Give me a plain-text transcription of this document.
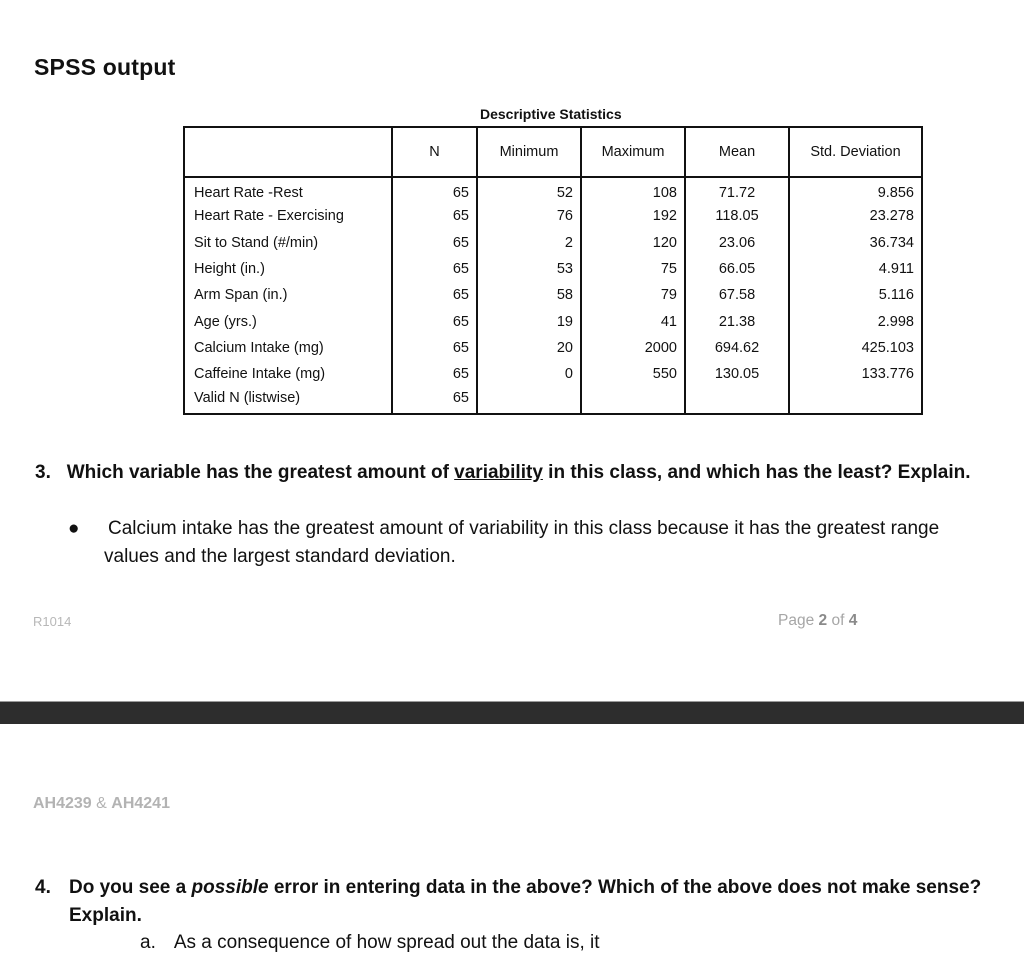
SPSS output
Descriptive Statistics
	N	Minimum	Maximum	Mean	Std. Deviation
Heart Rate -Rest	65	52	108	71.72	9.856
Heart Rate - Exercising	65	76	192	118.05	23.278
Sit to Stand (#/min)	65	2	120	23.06	36.734
Height (in.)	65	53	75	66.05	4.911
Arm Span (in.)	65	58	79	67.58	5.116
Age (yrs.)	65	19	41	21.38	2.998
Calcium Intake (mg)	65	20	2000	694.62	425.103
Caffeine Intake (mg)	65	0	550	130.05	133.776
Valid N (listwise)	65				
3. Which variable has the greatest amount of variability in this class, and which has the least? Explain.
● Calcium intake has the greatest amount of variability in this class because it has the greatest range
values and the largest standard deviation.
R1014	Page 2 of 4
AH4239 & AH4241
4. Do you see a possible error in entering data in the above? Which of the above does not make sense?
Explain.
a. As a consequence of how spread out the data is, it
